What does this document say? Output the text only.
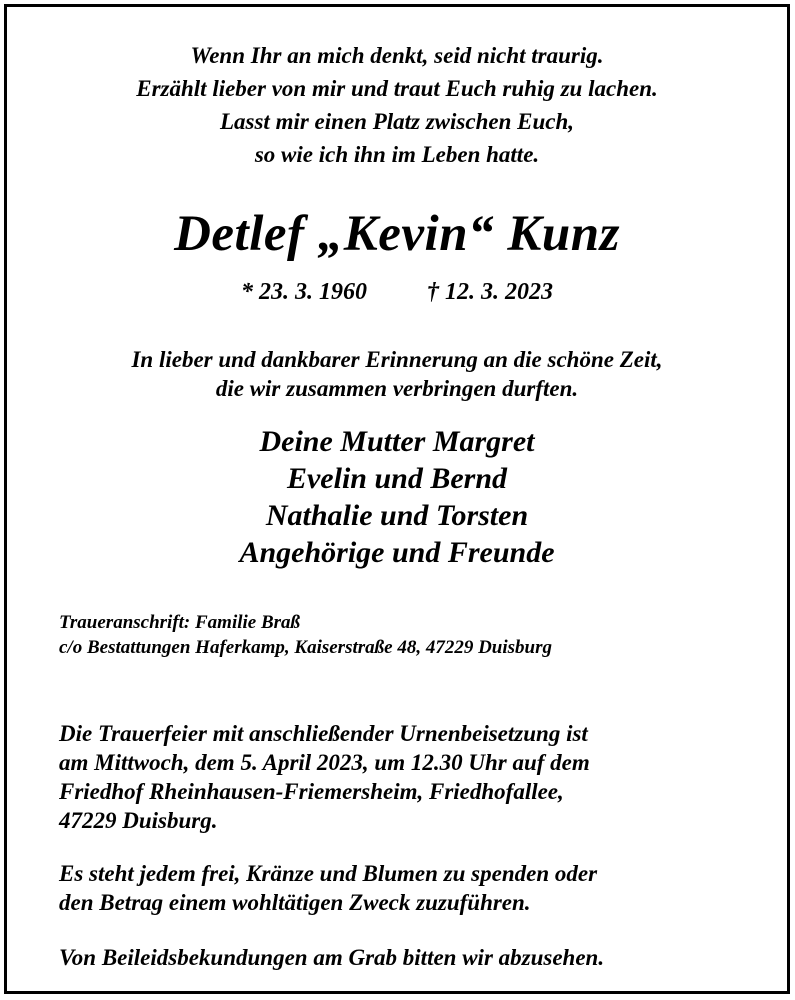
Wenn Ihr an mich denkt, seid nicht traurig.
Erzählt lieber von mir und traut Euch ruhig zu lachen.
Lasst mir einen Platz zwischen Euch,
so wie ich ihn im Leben hatte.

Detlef „Kevin“ Kunz

* 23. 3. 1960	† 12. 3. 2023

In lieber und dankbarer Erinnerung an die schöne Zeit,
die wir zusammen verbringen durften.

Deine Mutter Margret
Evelin und Bernd
Nathalie und Torsten
Angehörige und Freunde

Traueranschrift: Familie Braß
c/o Bestattungen Haferkamp, Kaiserstraße 48, 47229 Duisburg

Die Trauerfeier mit anschließender Urnenbeisetzung ist
am Mittwoch, dem 5. April 2023, um 12.30 Uhr auf dem
Friedhof Rheinhausen-Friemersheim, Friedhofallee,
47229 Duisburg.

Es steht jedem frei, Kränze und Blumen zu spenden oder
den Betrag einem wohltätigen Zweck zuzuführen.

Von Beileidsbekundungen am Grab bitten wir abzusehen.
